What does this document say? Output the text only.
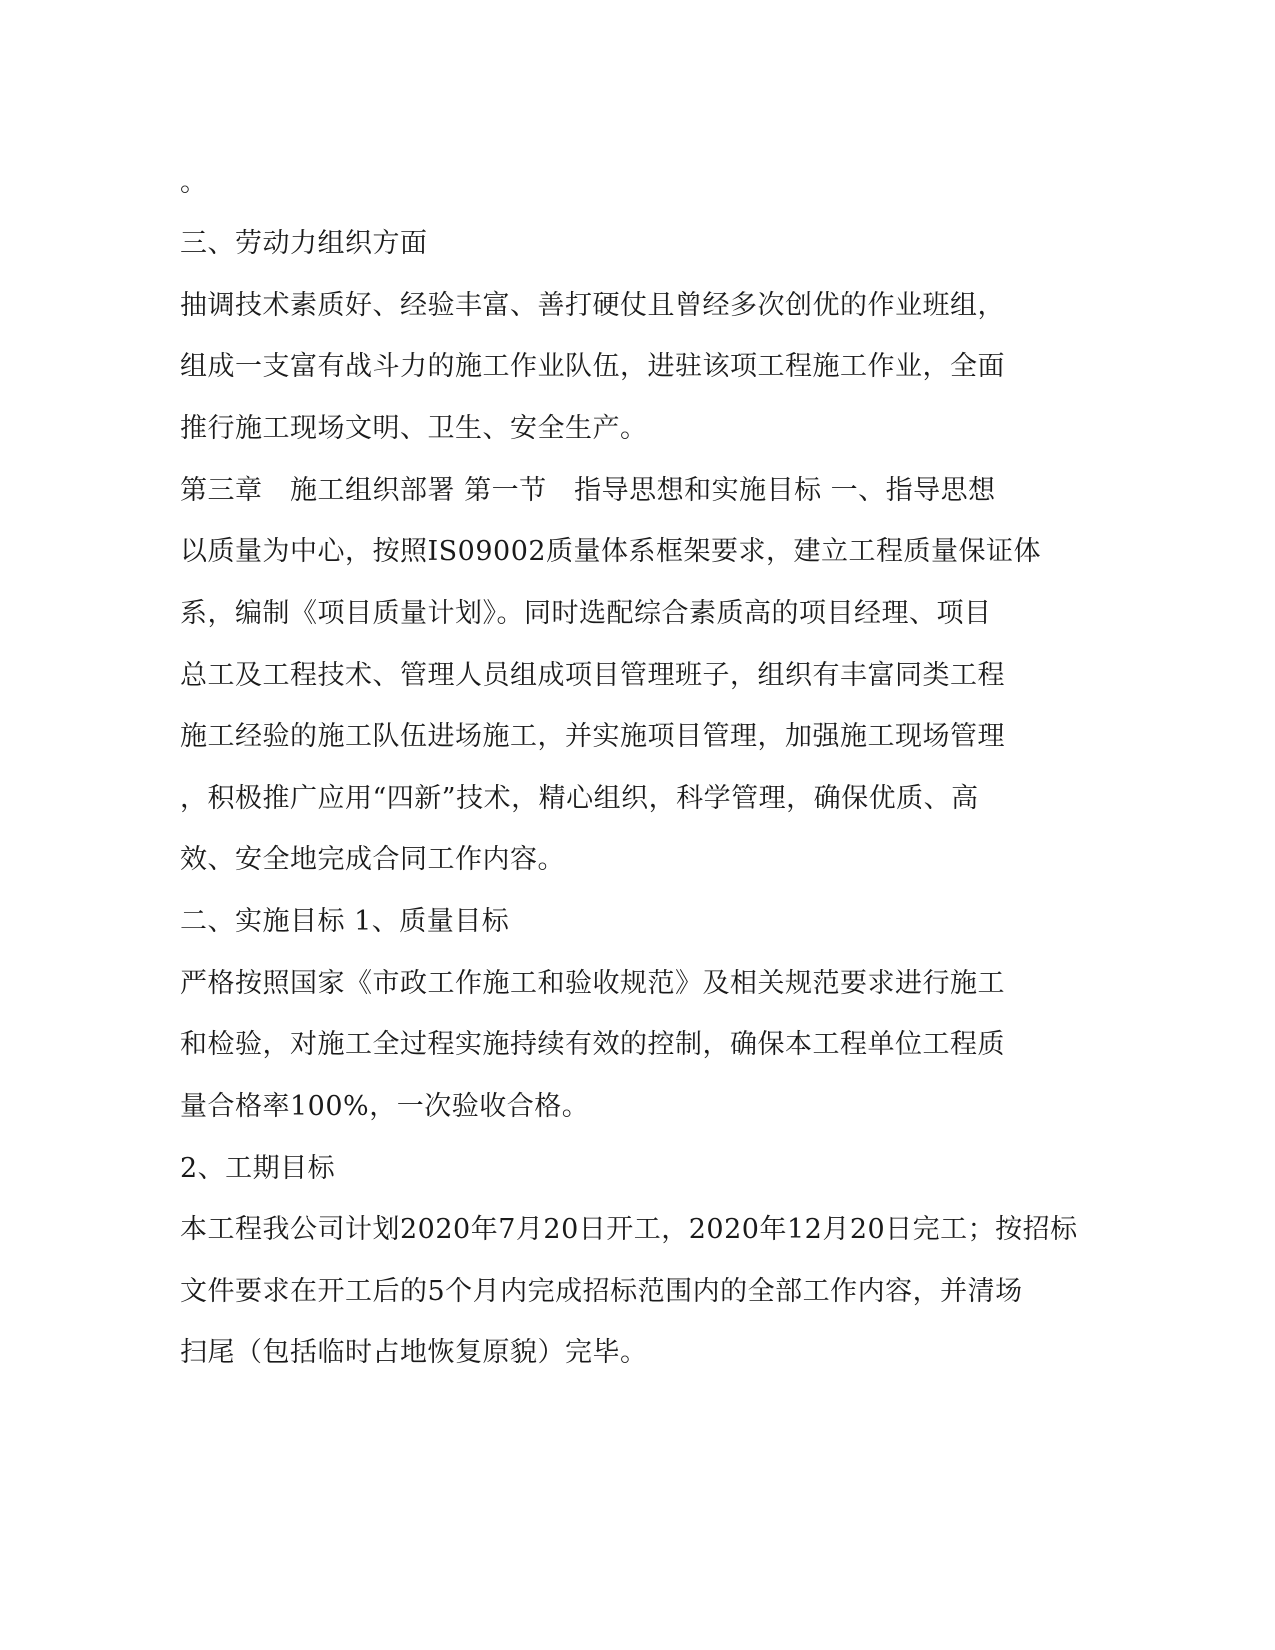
。

三、劳动力组织方面

抽调技术素质好、经验丰富、善打硬仗且曾经多次创优的作业班组，

组成一支富有战斗力的施工作业队伍，进驻该项工程施工作业，全面

推行施工现场文明、卫生、安全生产。

第三章　施工组织部署 第一节　指导思想和实施目标 一、指导思想

以质量为中心，按照IS09002质量体系框架要求，建立工程质量保证体

系，编制《项目质量计划》。同时选配综合素质高的项目经理、项目

总工及工程技术、管理人员组成项目管理班子，组织有丰富同类工程

施工经验的施工队伍进场施工，并实施项目管理，加强施工现场管理

，积极推广应用“四新”技术，精心组织，科学管理，确保优质、高

效、安全地完成合同工作内容。

二、实施目标 1、质量目标

严格按照国家《市政工作施工和验收规范》及相关规范要求进行施工

和检验，对施工全过程实施持续有效的控制，确保本工程单位工程质

量合格率100%，一次验收合格。

2、工期目标

本工程我公司计划2020年7月20日开工，2020年12月20日完工；按招标

文件要求在开工后的5个月内完成招标范围内的全部工作内容，并清场

扫尾（包括临时占地恢复原貌）完毕。
